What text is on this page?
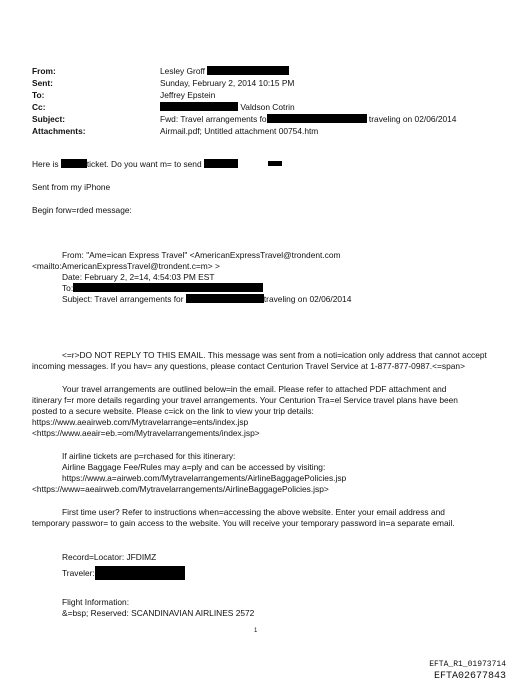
From:	Lesley Groff
Sent:	Sunday, February 2, 2014 10:15 PM
To:	Jeffrey Epstein
Cc:	Valdson Cotrin
Subject:	Fwd: Travel arrangements fo	traveling on 02/06/2014
Attachments:	Airmail.pdf; Untitled attachment 00754.htm
Here is	ticket. Do you want m= to send
Sent from my iPhone
Begin forw=rded message:
From: "Ame=ican Express Travel" <AmericanExpressTravel@trondent.com
<mailto:AmericanExpressTravel@trondent.c=m> >
Date: February 2, 2=14, 4:54:03 PM EST
To:
Subject: Travel arrangements for	traveling on 02/06/2014
<=r>DO NOT REPLY TO THIS EMAIL. This message was sent from a noti=ication only address that cannot accept
incoming messages. If you hav= any questions, please contact Centurion Travel Service at 1-877-877-0987.<=span>
Your travel arrangements are outlined below=in the email. Please refer to attached PDF attachment and
itinerary f=r more details regarding your travel arrangements. Your Centurion Tra=el Service travel plans have been
posted to a secure website. Please c=ick on the link to view your trip details:
https://www.aeairweb.com/Mytravelarrange=ents/index.jsp
<https://www.aeair=eb.=om/Mytravelarrangements/index.jsp>
If airline tickets are p=rchased for this itinerary:
Airline Baggage Fee/Rules may a=ply and can be accessed by visiting:
https://www.a=airweb.com/Mytravelarrangements/AirlineBaggagePolicies.jsp
<https://www=aeairweb.com/Mytravelarrangements/AirlineBaggagePolicies.jsp>
First time user? Refer to instructions when=accessing the above website. Enter your email address and
temporary passwor= to gain access to the website. You will receive your temporary password in=a separate email.
Record=Locator: JFDIMZ
Traveler:
Flight Information:
&=bsp; Reserved: SCANDINAVIAN AIRLINES 2572
1
EFTA_R1_01973714
EFTA02677843
